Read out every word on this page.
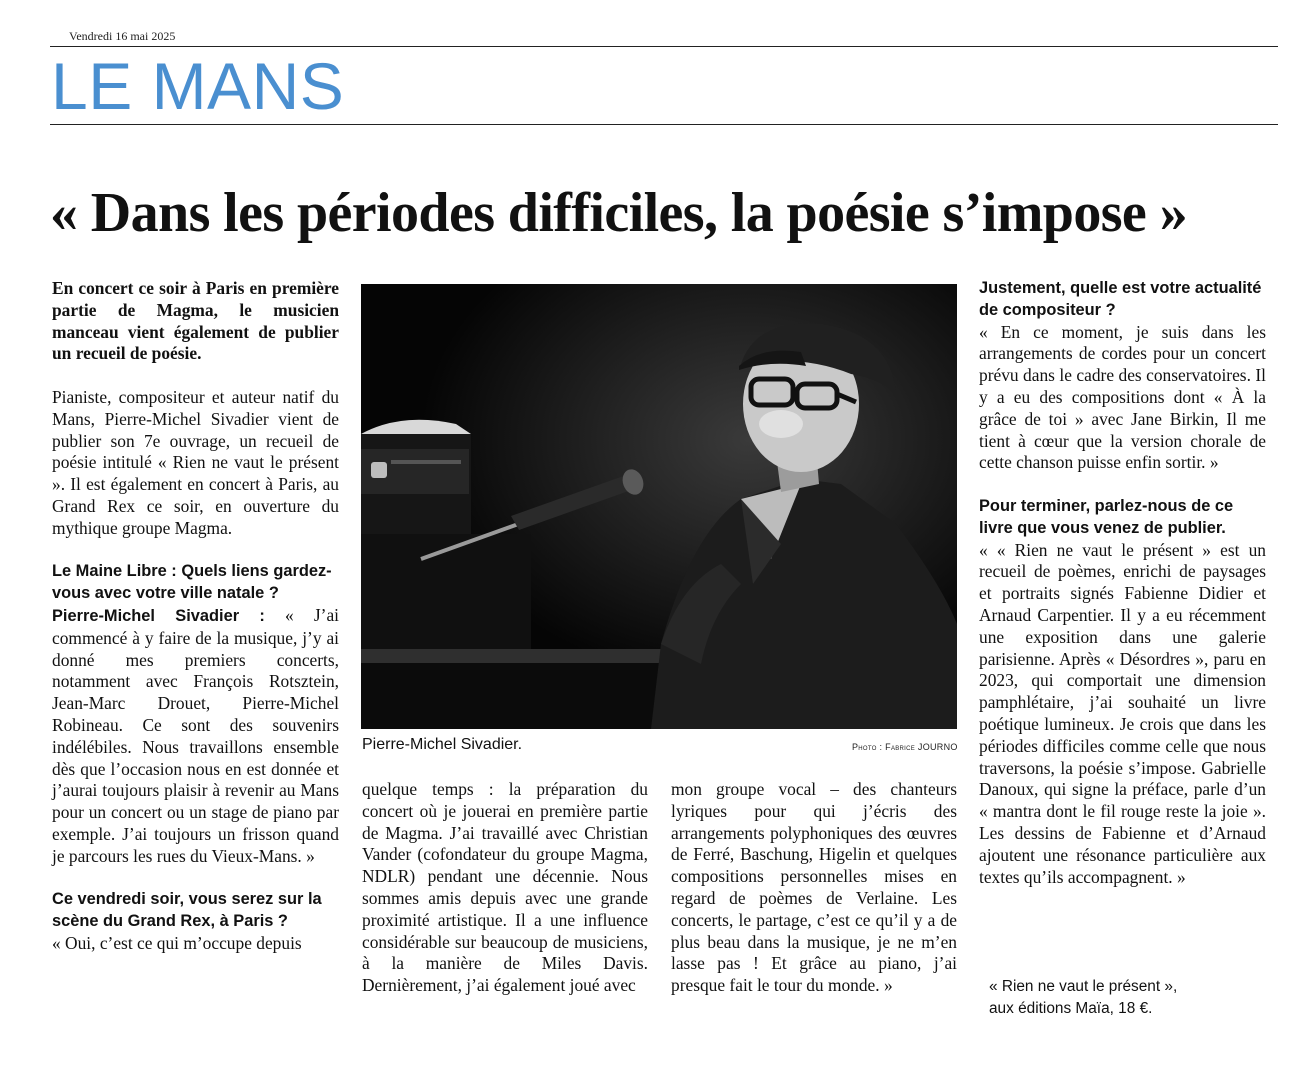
Vendredi 16 mai 2025
LE MANS
« Dans les périodes difficiles, la poésie s’impose »

En concert ce soir à Paris en première partie de Magma, le musicien manceau vient également de publier un recueil de poésie.

Pianiste, compositeur et auteur natif du Mans, Pierre-Michel Sivadier vient de publier son 7e ouvrage, un recueil de poésie intitulé « Rien ne vaut le présent ». Il est également en concert à Paris, au Grand Rex ce soir, en ouverture du mythique groupe Magma.

Le Maine Libre : Quels liens gardez-vous avec votre ville natale ?

Pierre-Michel Sivadier : « J’ai commencé à y faire de la musique, j’y ai donné mes premiers concerts, notamment avec François Rotsztein, Jean-Marc Drouet, Pierre-Michel Robineau. Ce sont des souvenirs indélébiles. Nous travaillons ensemble dès que l’occasion nous en est donnée et j’aurai toujours plaisir à revenir au Mans pour un concert ou un stage de piano par exemple. J’ai toujours un frisson quand je parcours les rues du Vieux-Mans. »

Ce vendredi soir, vous serez sur la scène du Grand Rex, à Paris ?

« Oui, c’est ce qui m’occupe depuis

Pierre-Michel Sivadier.	Photo : Fabrice JOURNO

quelque temps : la préparation du concert où je jouerai en première partie de Magma. J’ai travaillé avec Christian Vander (cofondateur du groupe Magma, NDLR) pendant une décennie. Nous sommes amis depuis avec une grande proximité artistique. Il a une influence considérable sur beaucoup de musiciens, à la manière de Miles Davis. Dernièrement, j’ai également joué avec

mon groupe vocal – des chanteurs lyriques pour qui j’écris des arrangements polyphoniques des œuvres de Ferré, Baschung, Higelin et quelques compositions personnelles mises en regard de poèmes de Verlaine. Les concerts, le partage, c’est ce qu’il y a de plus beau dans la musique, je ne m’en lasse pas ! Et grâce au piano, j’ai presque fait le tour du monde. »

Justement, quelle est votre actualité de compositeur ?

« En ce moment, je suis dans les arrangements de cordes pour un concert prévu dans le cadre des conservatoires. Il y a eu des compositions dont « À la grâce de toi » avec Jane Birkin, Il me tient à cœur que la version chorale de cette chanson puisse enfin sortir. »

Pour terminer, parlez-nous de ce livre que vous venez de publier.

« « Rien ne vaut le présent » est un recueil de poèmes, enrichi de paysages et portraits signés Fabienne Didier et Arnaud Carpentier. Il y a eu récemment une exposition dans une galerie parisienne. Après « Désordres », paru en 2023, qui comportait une dimension pamphlétaire, j’ai souhaité un livre poétique lumineux. Je crois que dans les périodes difficiles comme celle que nous traversons, la poésie s’impose. Gabrielle Danoux, qui signe la préface, parle d’un « mantra dont le fil rouge reste la joie ». Les dessins de Fabienne et d’Arnaud ajoutent une résonance particulière aux textes qu’ils accompagnent. »

« Rien ne vaut le présent »,
aux éditions Maïa, 18 €.
